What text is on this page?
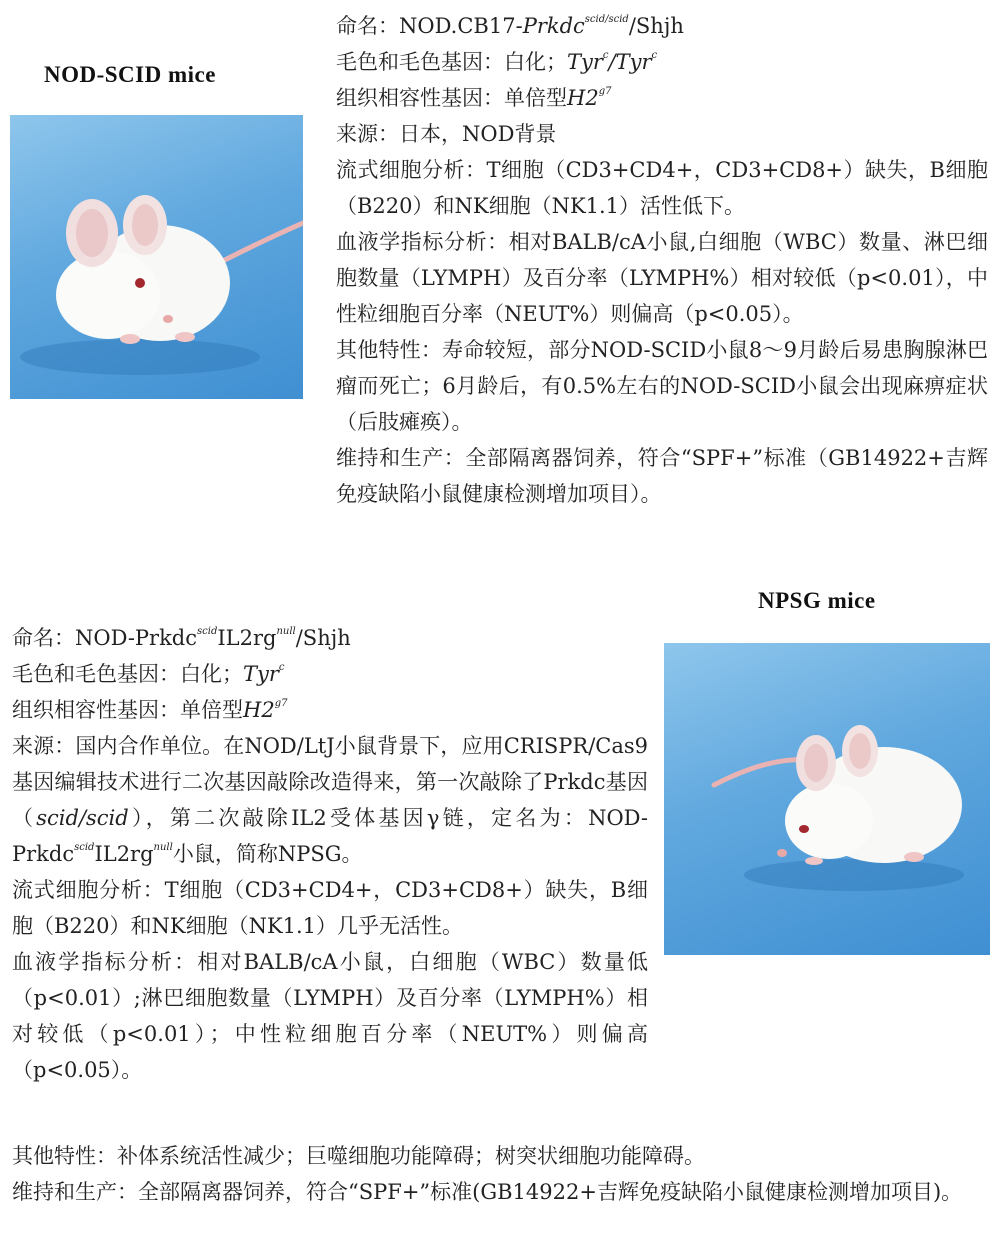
NOD-SCID mice

命名：NOD.CB17-Prkdc$^{scid/scid}$/Shjh

毛色和毛色基因：白化；Tyr$^c$/Tyr$^c$

组织相容性基因：单倍型$H2^{g7}$

来源：日本，NOD背景

流式细胞分析：T细胞（CD3+CD4+，CD3+CD8+）缺失，B细胞（B220）和NK细胞（NK1.1）活性低下。

血液学指标分析：相对BALB/cA小鼠,白细胞（WBC）数量、淋巴细胞数量（LYMPH）及百分率（LYMPH%）相对较低（p<0.01），中性粒细胞百分率（NEUT%）则偏高（p<0.05）。

其他特性：寿命较短，部分NOD-SCID小鼠8～9月龄后易患胸腺淋巴瘤而死亡；6月龄后，有0.5%左右的NOD-SCID小鼠会出现麻痹症状（后肢瘫痪）。

维持和生产：全部隔离器饲养，符合“SPF+”标准（GB14922+吉辉免疫缺陷小鼠健康检测增加项目）。

NPSG mice

命名：NOD-$Prkdc^{scid}IL2rg^{null}$/Shjh

毛色和毛色基因：白化；Tyr$^c$

组织相容性基因：单倍型$H2^{g7}$

来源：国内合作单位。在NOD/LtJ小鼠背景下，应用CRISPR/Cas9基因编辑技术进行二次基因敲除改造得来，第一次敲除了Prkdc基因（scid/scid），第二次敲除IL2受体基因γ链，定名为：NOD-$Prkdc^{scid}IL2rg^{null}$小鼠，简称NPSG。

流式细胞分析：T细胞（CD3+CD4+，CD3+CD8+）缺失，B细胞（B220）和NK细胞（NK1.1）几乎无活性。

血液学指标分析：相对BALB/cA小鼠，白细胞（WBC）数量低（p<0.01）;淋巴细胞数量（LYMPH）及百分率（LYMPH%）相对较低（p<0.01）；中性粒细胞百分率（NEUT%）则偏高（p<0.05）。

其他特性：补体系统活性减少；巨噬细胞功能障碍；树突状细胞功能障碍。

维持和生产：全部隔离器饲养，符合“SPF+”标准(GB14922+吉辉免疫缺陷小鼠健康检测增加项目)。
